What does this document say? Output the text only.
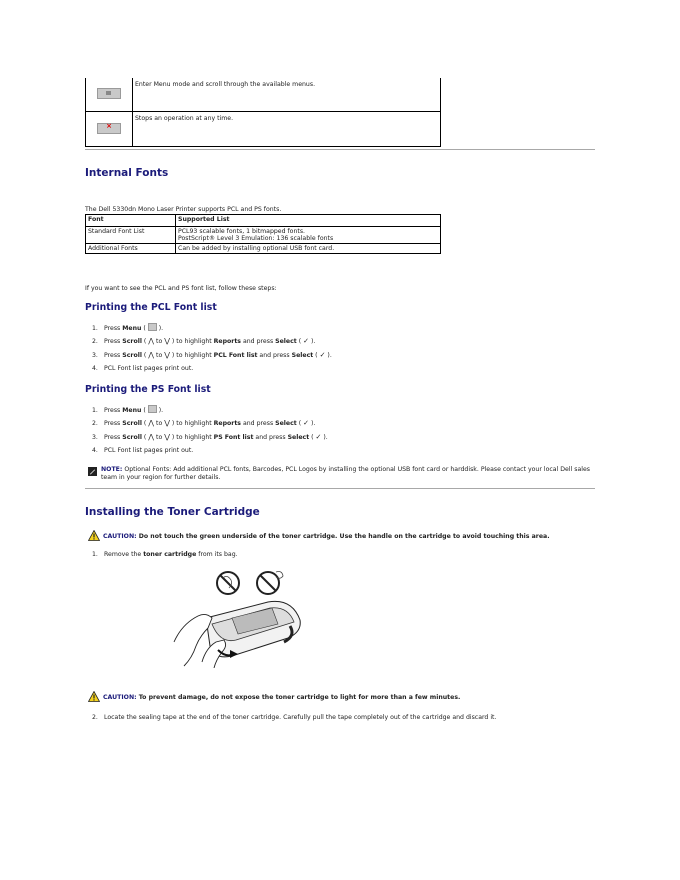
	Enter Menu mode and scroll through the available menus.

×	Stops an operation at any time.
Internal Fonts
The Dell 5330dn Mono Laser Printer supports PCL and PS fonts.
Font	Supported List
Standard Font List	PCL93 scalable fonts, 1 bitmapped fonts.
PostScript® Level 3 Emulation: 136 scalable fonts

Additional Fonts	Can be added by installing optional USB font card.
If you want to see the PCL and PS font list, follow these steps:
Printing the PCL Font list
1. Press Menu (  ).
2. Press Scroll ( ⋀ to ⋁ ) to highlight Reports and press Select ( ✓ ).
3. Press Scroll ( ⋀ to ⋁ ) to highlight PCL Font list and press Select ( ✓ ).
4. PCL Font list pages print out.
Printing the PS Font list
1. Press Menu (  ).
2. Press Scroll ( ⋀ to ⋁ ) to highlight Reports and press Select ( ✓ ).
3. Press Scroll ( ⋀ to ⋁ ) to highlight PS Font list and press Select ( ✓ ).
4. PCL Font list pages print out.
NOTE: Optional Fonts: Add additional PCL fonts, Barcodes, PCL Logos by installing the optional USB font card or harddisk. Please contact your local Dell sales team in your region for further details.
Installing the Toner Cartridge
CAUTION: Do not touch the green underside of the toner cartridge. Use the handle on the cartridge to avoid touching this area.
1. Remove the toner cartridge from its bag.
CAUTION: To prevent damage, do not expose the toner cartridge to light for more than a few minutes.
2. Locate the sealing tape at the end of the toner cartridge. Carefully pull the tape completely out of the cartridge and discard it.
